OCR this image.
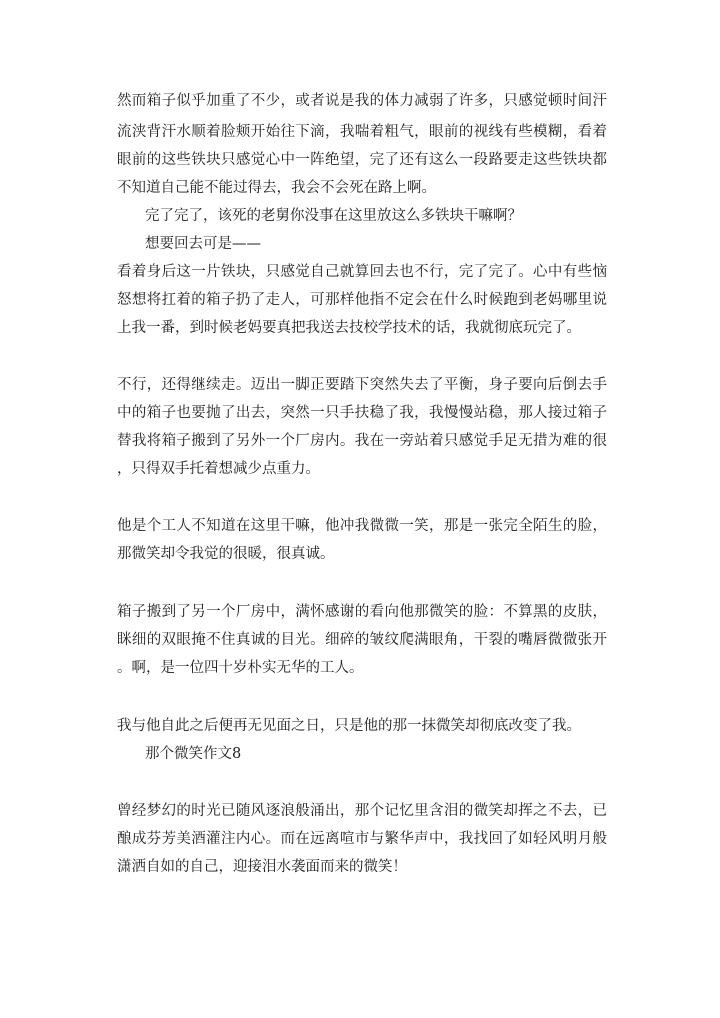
然而箱子似乎加重了不少，或者说是我的体力减弱了许多，只感觉顿时间汗
流浃背汗水顺着脸颊开始往下滴，我喘着粗气，眼前的视线有些模糊，看着
眼前的这些铁块只感觉心中一阵绝望，完了还有这么一段路要走这些铁块都
不知道自己能不能过得去，我会不会死在路上啊。
完了完了，该死的老舅你没事在这里放这么多铁块干嘛啊？
想要回去可是——
看着身后这一片铁块，只感觉自己就算回去也不行，完了完了。心中有些恼
怒想将扛着的箱子扔了走人，可那样他指不定会在什么时候跑到老妈哪里说
上我一番，到时候老妈要真把我送去技校学技术的话，我就彻底玩完了。
不行，还得继续走。迈出一脚正要踏下突然失去了平衡，身子要向后倒去手
中的箱子也要抛了出去，突然一只手扶稳了我，我慢慢站稳，那人接过箱子
替我将箱子搬到了另外一个厂房内。我在一旁站着只感觉手足无措为难的很
，只得双手托着想减少点重力。
他是个工人不知道在这里干嘛，他冲我微微一笑，那是一张完全陌生的脸，
那微笑却令我觉的很暖，很真诚。
箱子搬到了另一个厂房中，满怀感谢的看向他那微笑的脸：不算黑的皮肤，
眯细的双眼掩不住真诚的目光。细碎的皱纹爬满眼角，干裂的嘴唇微微张开
。啊，是一位四十岁朴实无华的工人。
我与他自此之后便再无见面之日，只是他的那一抹微笑却彻底改变了我。
那个微笑作文8
曾经梦幻的时光已随风逐浪般涌出，那个记忆里含泪的微笑却挥之不去，已
酿成芬芳美酒灌注内心。而在远离喧市与繁华声中，我找回了如轻风明月般
潇洒自如的自己，迎接泪水袭面而来的微笑！
